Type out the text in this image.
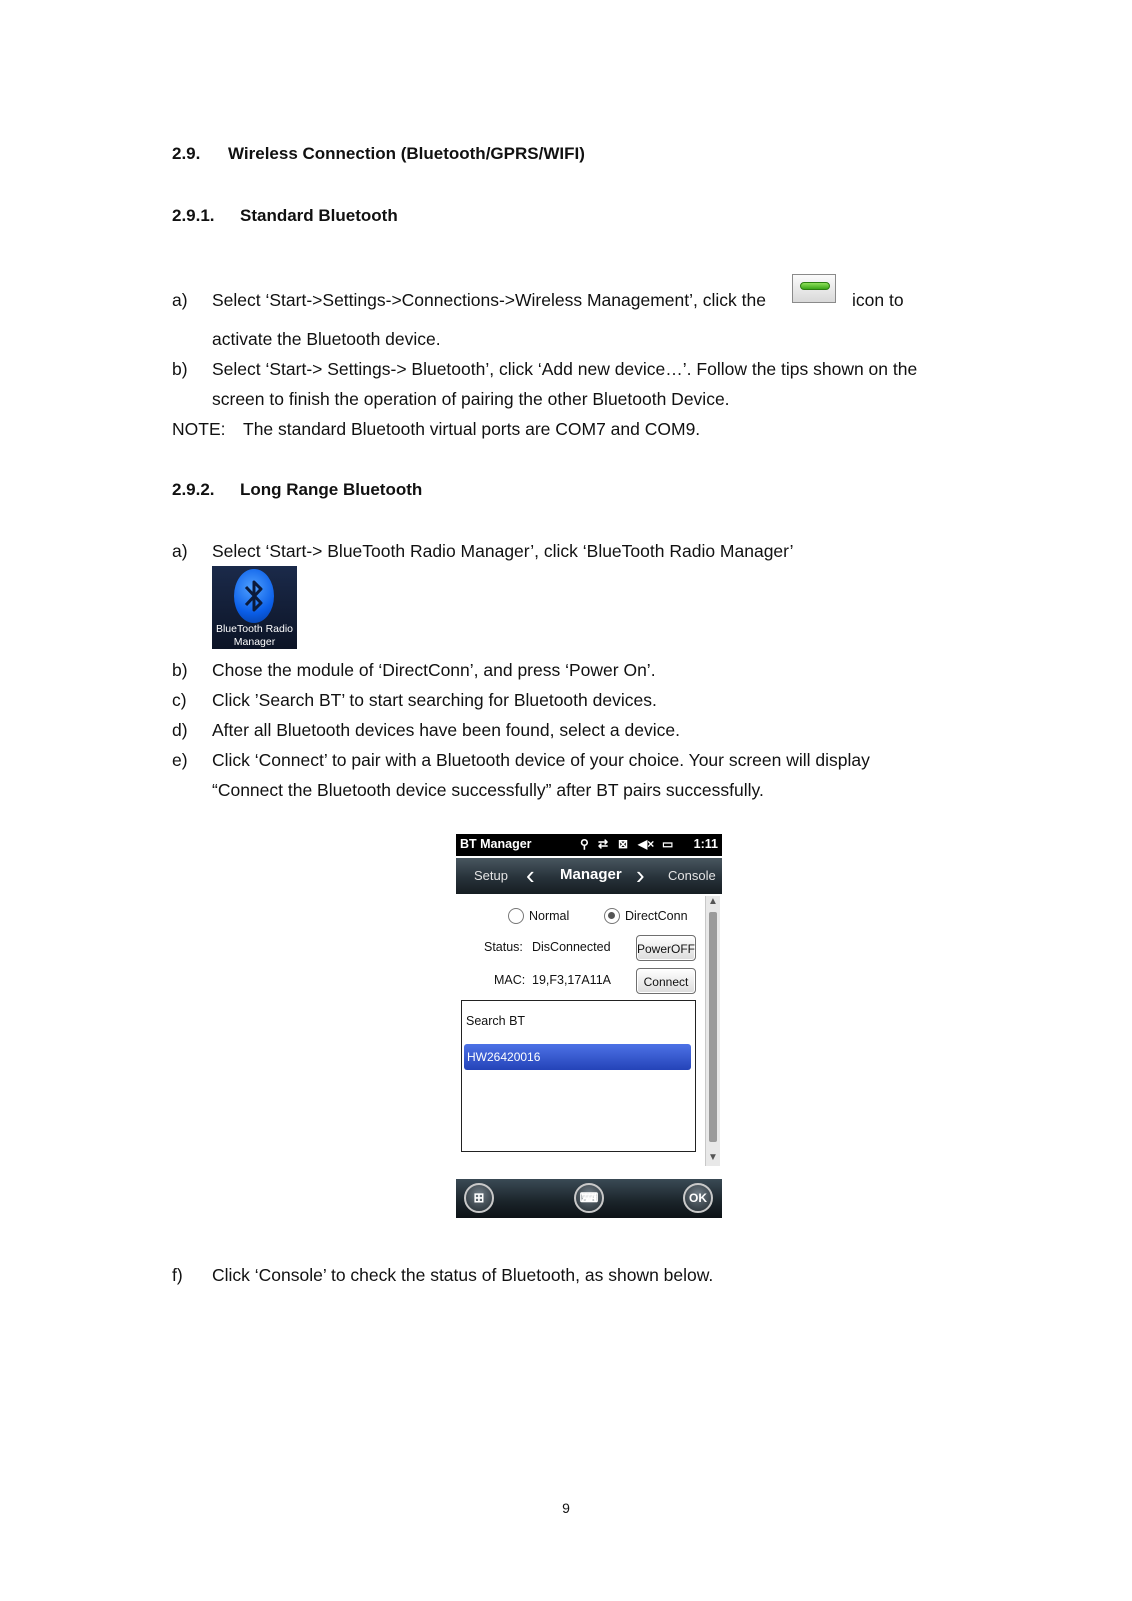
2.9. Wireless Connection (Bluetooth/GPRS/WIFI)
2.9.1. Standard Bluetooth
a) Select ‘Start->Settings->Connections->Wireless Management’, click the	icon to
activate the Bluetooth device.
b) Select ‘Start-> Settings-> Bluetooth’, click ‘Add new device…’. Follow the tips shown on the
screen to finish the operation of pairing the other Bluetooth Device.
NOTE: The standard Bluetooth virtual ports are COM7 and COM9.
2.9.2. Long Range Bluetooth
a) Select ‘Start-> BlueTooth Radio Manager’, click ‘BlueTooth Radio Manager’
BlueTooth Radio
Manager
b) Chose the module of ‘DirectConn’, and press ‘Power On’.
c) Click ’Search BT’ to start searching for Bluetooth devices.
d) After all Bluetooth devices have been found, select a device.
e) Click ‘Connect’ to pair with a Bluetooth device of your choice. Your screen will display
“Connect the Bluetooth device successfully” after BT pairs successfully.
BT Manager	⚲ ⇄ ⊠ ◀× ▭ 1:11
Setup ‹ Manager › Console
Normal	DirectConn
Status: DisConnected PowerOFF
MAC: 19,F3,17A11A	Connect
Search BT
HW26420016
▲
▼
⊞	⌨	OK
f) Click ‘Console’ to check the status of Bluetooth, as shown below.
9
